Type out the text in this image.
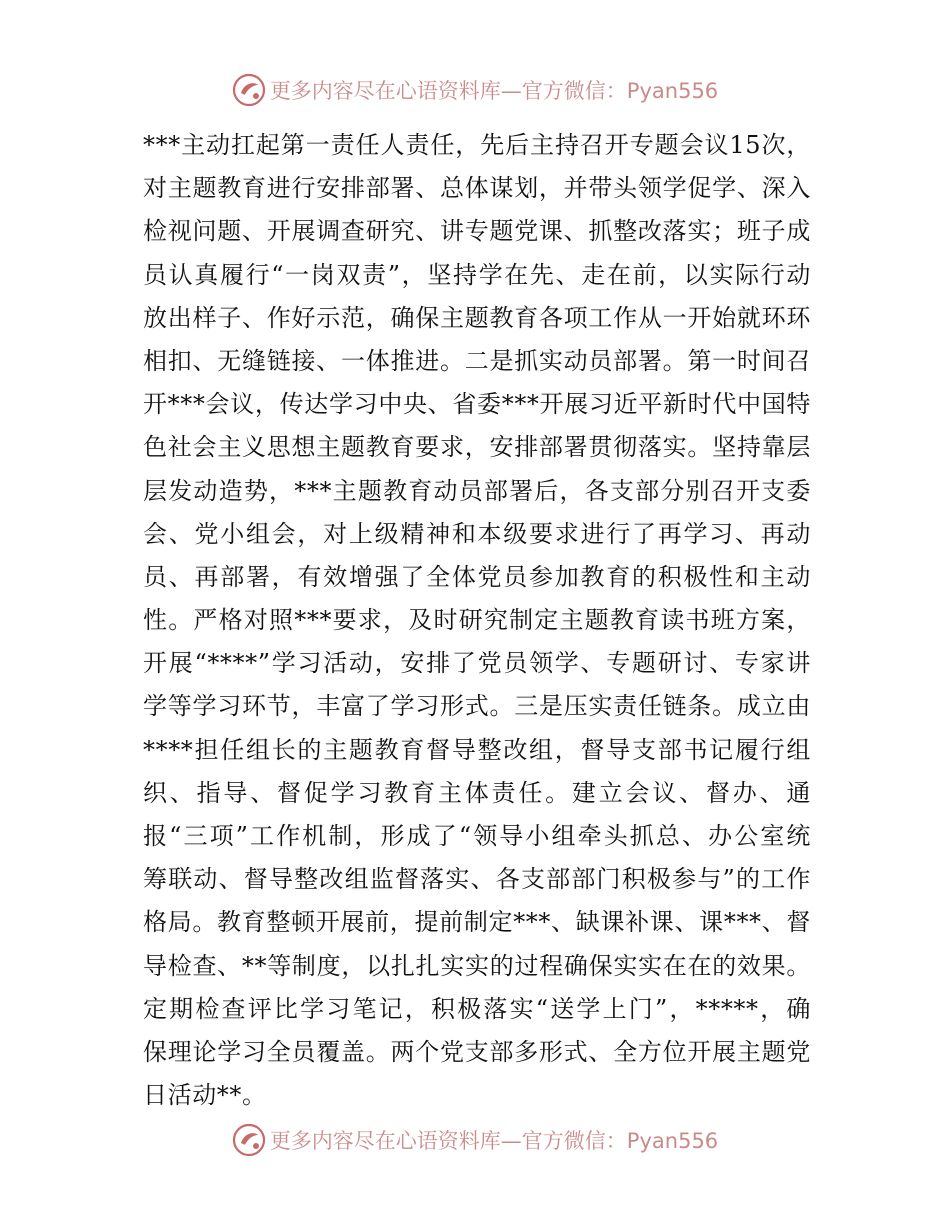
更多内容尽在心语资料库—官方微信：Pyan556
***主动扛起第一责任人责任，先后主持召开专题会议15次，
对主题教育进行安排部署、总体谋划，并带头领学促学、深入
检视问题、开展调查研究、讲专题党课、抓整改落实；班子成
员认真履行“一岗双责”，坚持学在先、走在前，以实际行动
放出样子、作好示范，确保主题教育各项工作从一开始就环环
相扣、无缝链接、一体推进。二是抓实动员部署。第一时间召
开***会议，传达学习中央、省委***开展习近平新时代中国特
色社会主义思想主题教育要求，安排部署贯彻落实。坚持靠层
层发动造势，***主题教育动员部署后，各支部分别召开支委
会、党小组会，对上级精神和本级要求进行了再学习、再动
员、再部署，有效增强了全体党员参加教育的积极性和主动
性。严格对照***要求，及时研究制定主题教育读书班方案，
开展“****”学习活动，安排了党员领学、专题研讨、专家讲
学等学习环节，丰富了学习形式。三是压实责任链条。成立由
****担任组长的主题教育督导整改组，督导支部书记履行组
织、指导、督促学习教育主体责任。建立会议、督办、通
报“三项”工作机制，形成了“领导小组牵头抓总、办公室统
筹联动、督导整改组监督落实、各支部部门积极参与”的工作
格局。教育整顿开展前，提前制定***、缺课补课、课***、督
导检查、**等制度，以扎扎实实的过程确保实实在在的效果。
定期检查评比学习笔记，积极落实“送学上门”，*****，确
保理论学习全员覆盖。两个党支部多形式、全方位开展主题党
日活动**。
更多内容尽在心语资料库—官方微信：Pyan556
